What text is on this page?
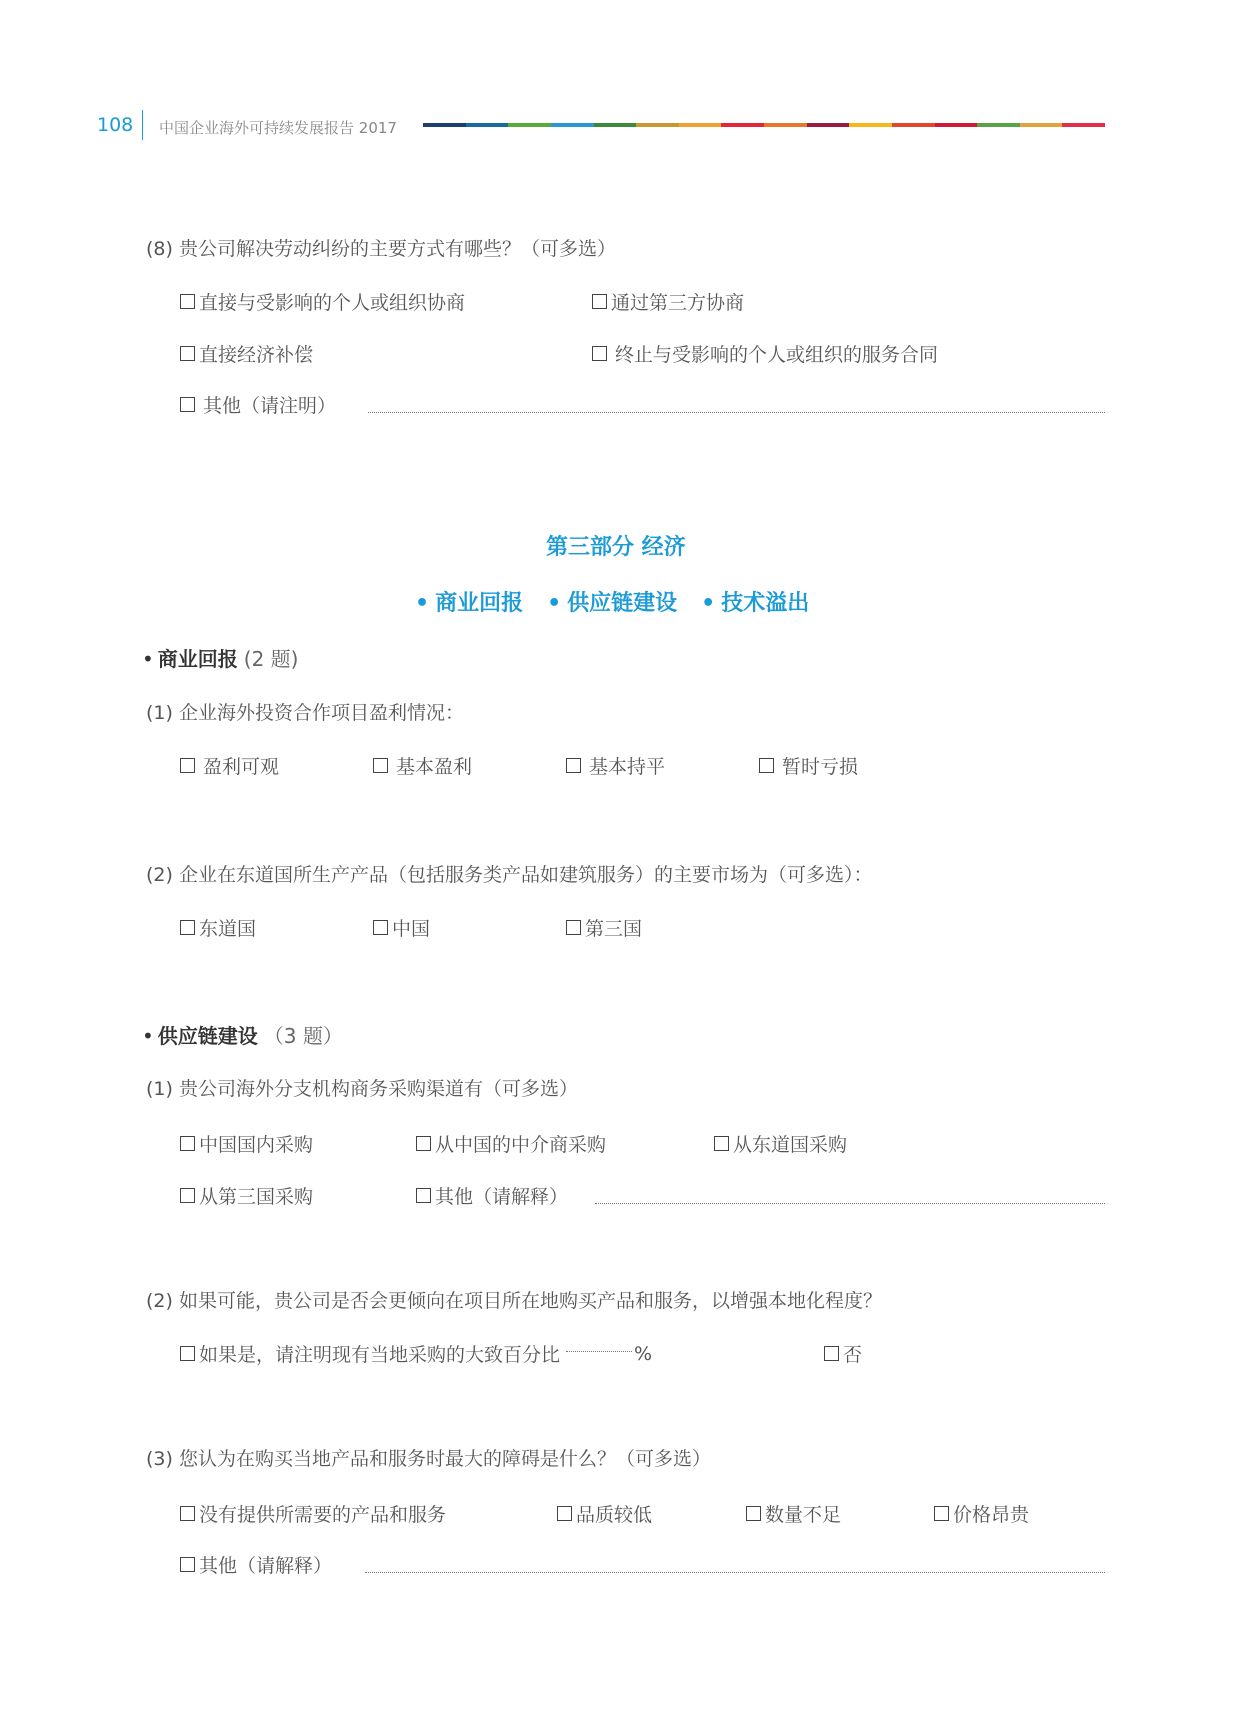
108 中国企业海外可持续发展报告 2017
(8) 贵公司解决劳动纠纷的主要方式有哪些？（可多选）
直接与受影响的个人或组织协商	通过第三方协商
直接经济补偿	终止与受影响的个人或组织的服务合同
其他（请注明）
第三部分 经济
• 商业回报 • 供应链建设 • 技术溢出
• 商业回报 (2 题)
(1) 企业海外投资合作项目盈利情况：
盈利可观	基本盈利	基本持平	暂时亏损
(2) 企业在东道国所生产产品（包括服务类产品如建筑服务）的主要市场为（可多选）：
东道国	中国	第三国
• 供应链建设 （3 题）
(1) 贵公司海外分支机构商务采购渠道有（可多选）
中国国内采购	从中国的中介商采购	从东道国采购
从第三国采购	其他（请解释）
(2) 如果可能，贵公司是否会更倾向在项目所在地购买产品和服务，以增强本地化程度？
如果是，请注明现有当地采购的大致百分比	%	否
(3) 您认为在购买当地产品和服务时最大的障碍是什么？（可多选）
没有提供所需要的产品和服务	品质较低	数量不足	价格昂贵
其他（请解释）
